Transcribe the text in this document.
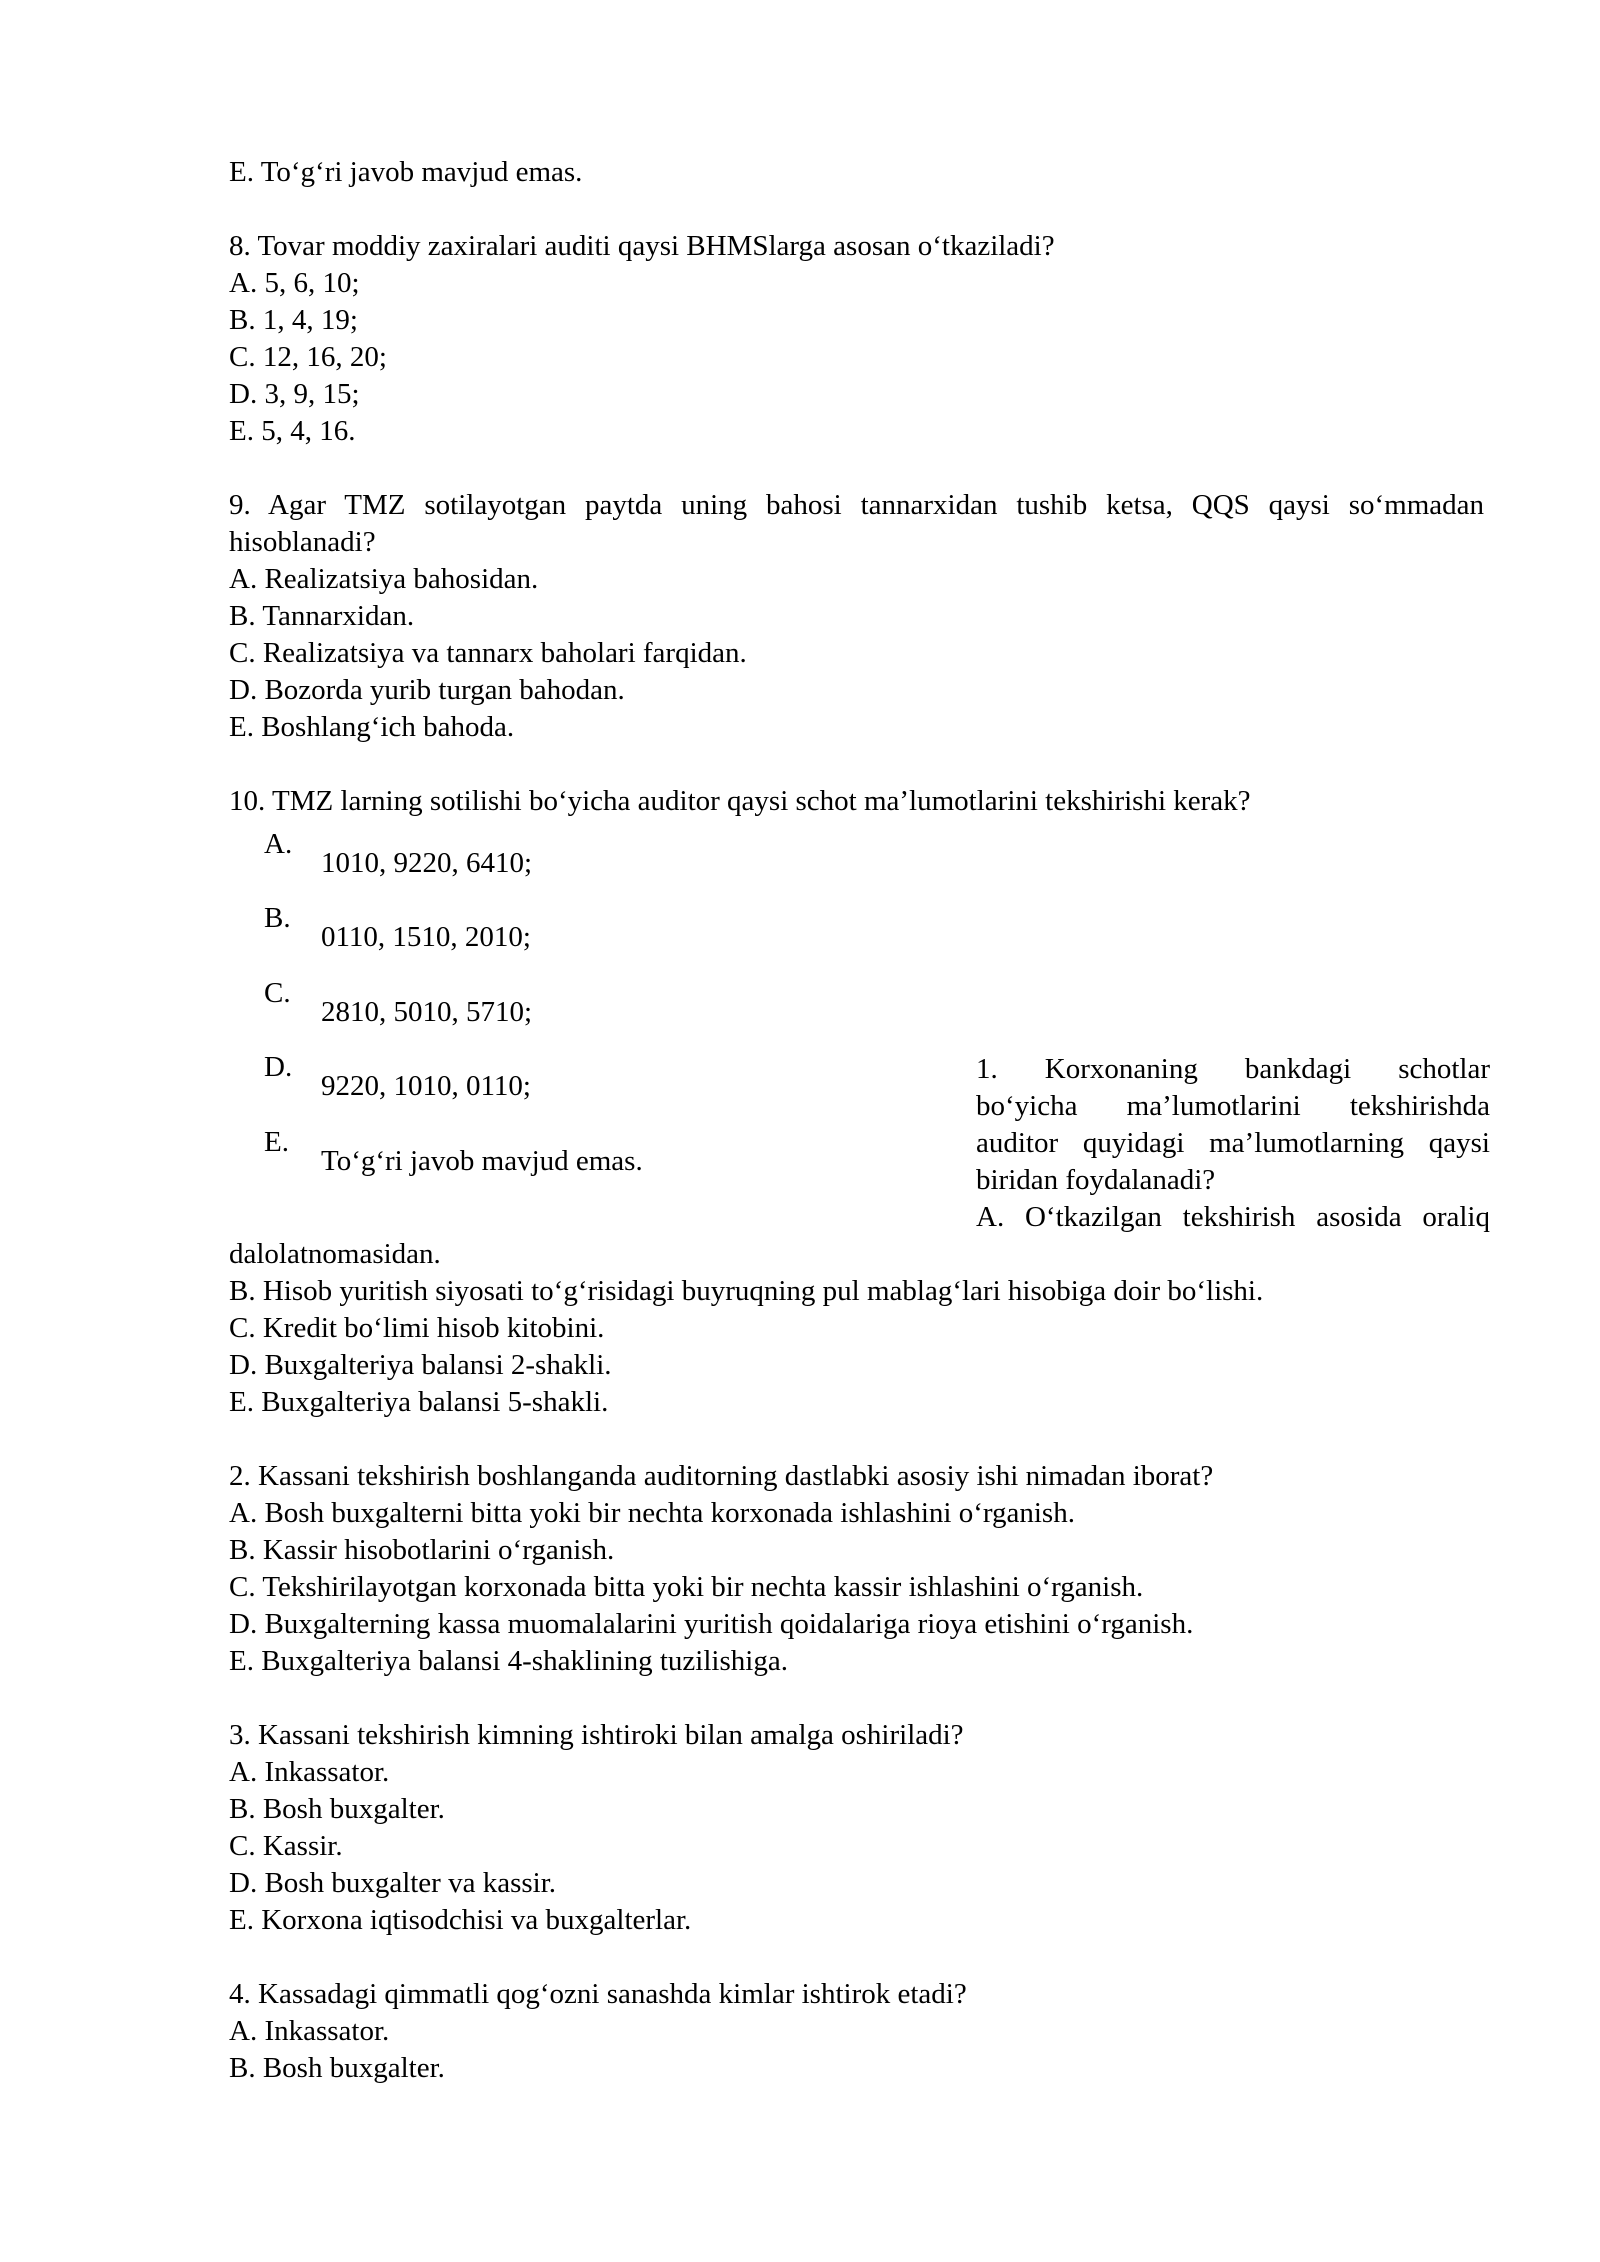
E. To‘g‘ri javob mavjud emas.
8. Tovar moddiy zaxiralari auditi qaysi BHMSlarga asosan o‘tkaziladi?
A. 5, 6, 10;
B. 1, 4, 19;
C. 12, 16, 20;
D. 3, 9, 15;
E. 5, 4, 16.
9. Agar TMZ sotilayotgan paytda uning bahosi tannarxidan tushib ketsa, QQS qaysi so‘mmadan
hisoblanadi?
A. Realizatsiya bahosidan.
B. Tannarxidan.
C. Realizatsiya va tannarx baholari farqidan.
D. Bozorda yurib turgan bahodan.
E. Boshlang‘ich bahoda.
10. TMZ larning sotilishi bo‘yicha auditor qaysi schot ma’lumotlarini tekshirishi kerak?
A.
1010, 9220, 6410;
B.
0110, 1510, 2010;
C.
2810, 5010, 5710;
D.
9220, 1010, 0110;
E.
To‘g‘ri javob mavjud emas.
1. Korxonaning bankdagi schotlar
bo‘yicha ma’lumotlarini tekshirishda
auditor quyidagi ma’lumotlarning qaysi
biridan foydalanadi?
A. O‘tkazilgan tekshirish asosida oraliq
dalolatnomasidan.
B. Hisob yuritish siyosati to‘g‘risidagi buyruqning pul mablag‘lari hisobiga doir bo‘lishi.
C. Kredit bo‘limi hisob kitobini.
D. Buxgalteriya balansi 2-shakli.
E. Buxgalteriya balansi 5-shakli.
2. Kassani tekshirish boshlanganda auditorning dastlabki asosiy ishi nimadan iborat?
A. Bosh buxgalterni bitta yoki bir nechta korxonada ishlashini o‘rganish.
B. Kassir hisobotlarini o‘rganish.
C. Tekshirilayotgan korxonada bitta yoki bir nechta kassir ishlashini o‘rganish.
D. Buxgalterning kassa muomalalarini yuritish qoidalariga rioya etishini o‘rganish.
E. Buxgalteriya balansi 4-shaklining tuzilishiga.
3. Kassani tekshirish kimning ishtiroki bilan amalga oshiriladi?
A. Inkassator.
B. Bosh buxgalter.
C. Kassir.
D. Bosh buxgalter va kassir.
E. Korxona iqtisodchisi va buxgalterlar.
4. Kassadagi qimmatli qog‘ozni sanashda kimlar ishtirok etadi?
A. Inkassator.
B. Bosh buxgalter.
